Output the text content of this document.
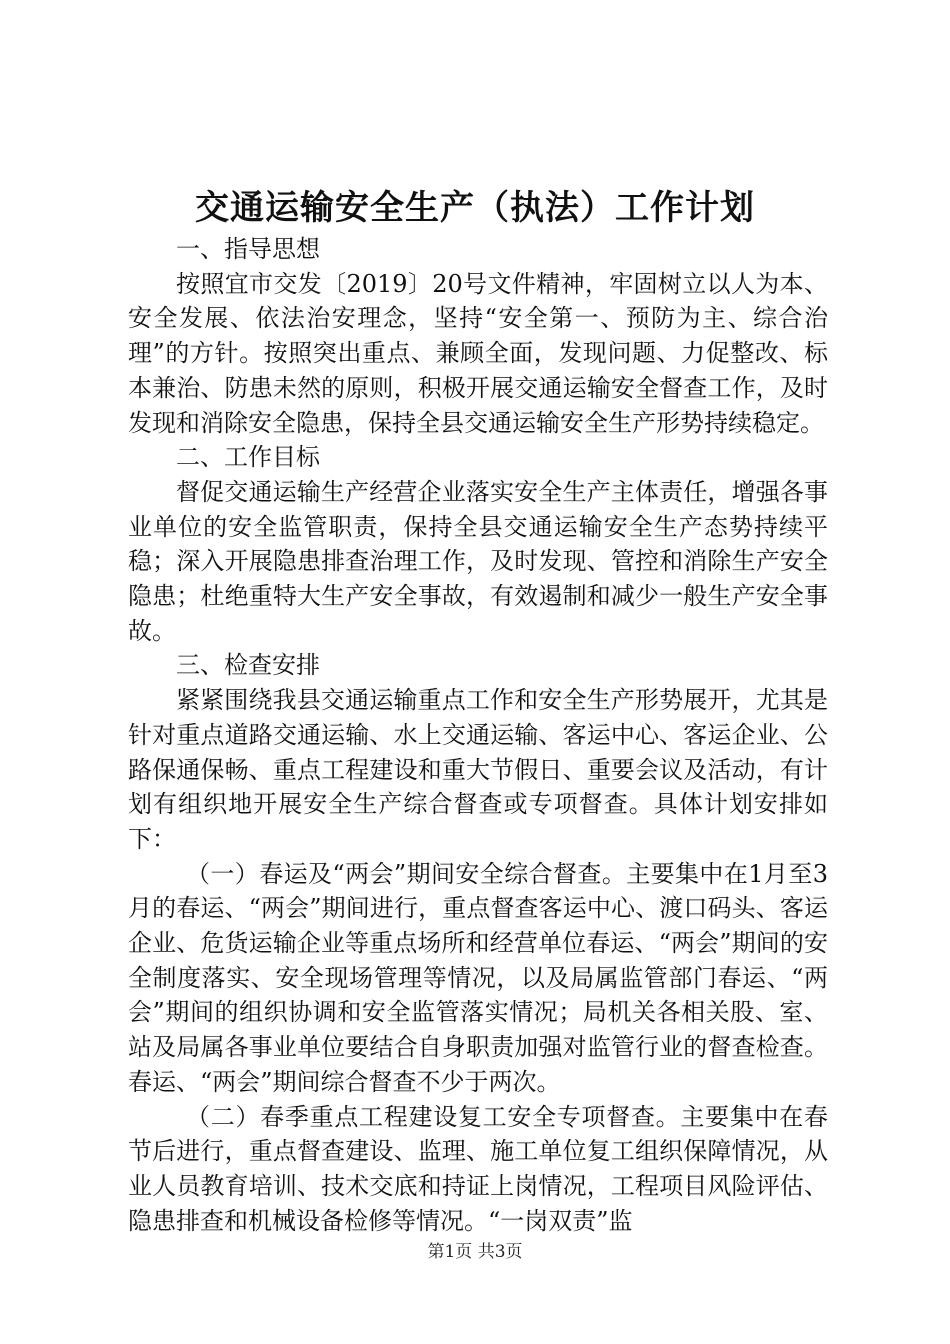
交通运输安全生产（执法）工作计划

一、指导思想

按照宜市交发〔2019〕20号文件精神，牢固树立以人为本、安全发展、依法治安理念，坚持“安全第一、预防为主、综合治理”的方针。按照突出重点、兼顾全面，发现问题、力促整改、标本兼治、防患未然的原则，积极开展交通运输安全督查工作，及时发现和消除安全隐患，保持全县交通运输安全生产形势持续稳定。

二、工作目标

督促交通运输生产经营企业落实安全生产主体责任，增强各事业单位的安全监管职责，保持全县交通运输安全生产态势持续平稳；深入开展隐患排查治理工作，及时发现、管控和消除生产安全隐患；杜绝重特大生产安全事故，有效遏制和减少一般生产安全事故。

三、检查安排

紧紧围绕我县交通运输重点工作和安全生产形势展开，尤其是针对重点道路交通运输、水上交通运输、客运中心、客运企业、公路保通保畅、重点工程建设和重大节假日、重要会议及活动，有计划有组织地开展安全生产综合督查或专项督查。具体计划安排如下：

（一）春运及“两会”期间安全综合督查。主要集中在1月至3月的春运、“两会”期间进行，重点督查客运中心、渡口码头、客运企业、危货运输企业等重点场所和经营单位春运、“两会”期间的安全制度落实、安全现场管理等情况，以及局属监管部门春运、“两会”期间的组织协调和安全监管落实情况；局机关各相关股、室、站及局属各事业单位要结合自身职责加强对监管行业的督查检查。春运、“两会”期间综合督查不少于两次。

（二）春季重点工程建设复工安全专项督查。主要集中在春节后进行，重点督查建设、监理、施工单位复工组织保障情况，从业人员教育培训、技术交底和持证上岗情况，工程项目风险评估、隐患排查和机械设备检修等情况。“一岗双责”监

第1页 共3页
